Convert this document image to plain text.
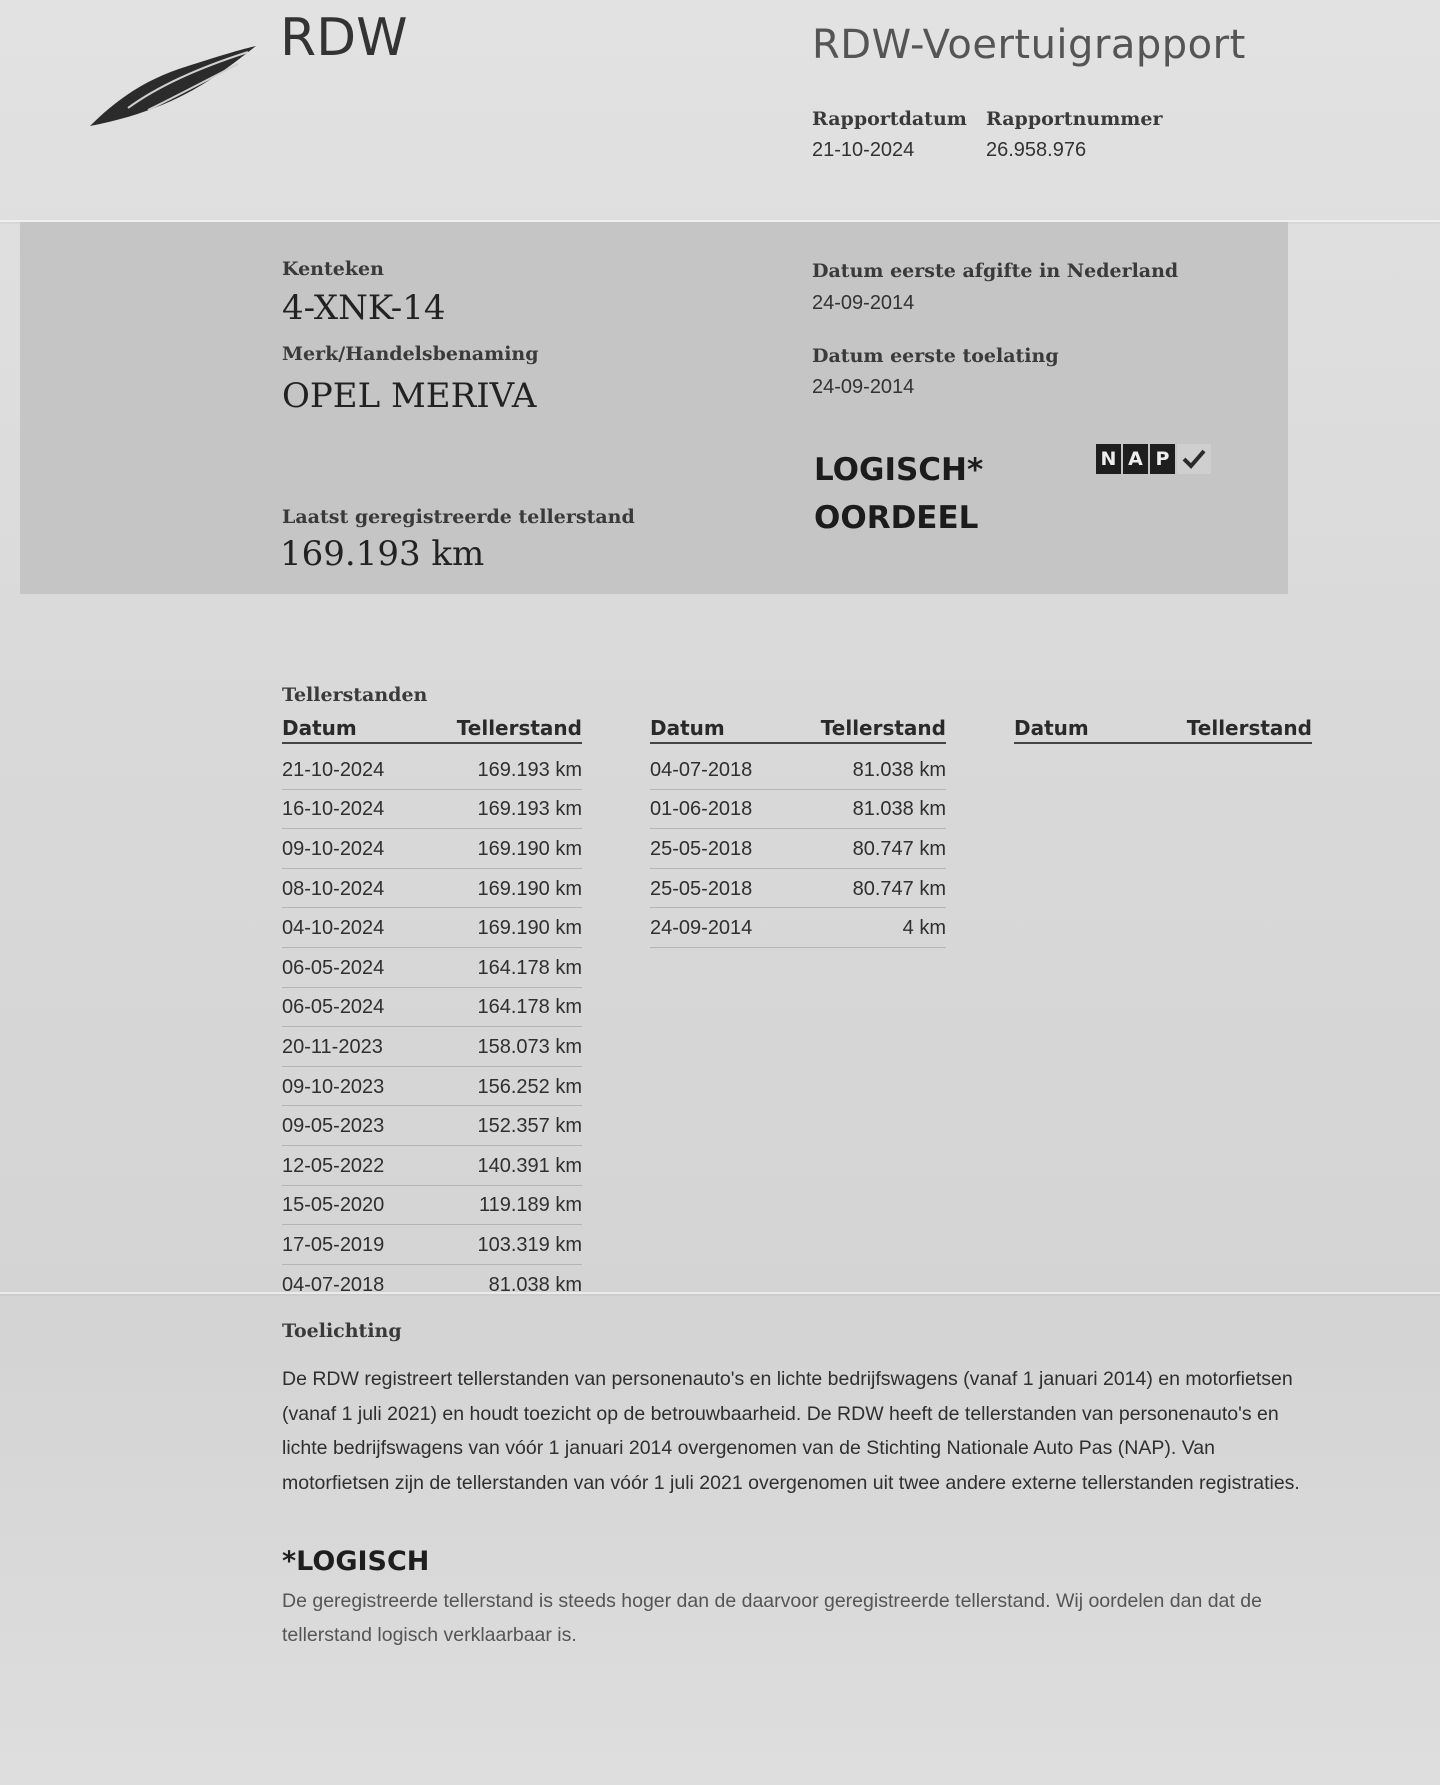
RDW	RDW-Voertuigrapport
Rapportdatum
21-10-2024
Rapportnummer
26.958.976
Kenteken
4-XNK-14
Merk/Handelsbenaming
OPEL MERIVA
Laatst geregistreerde tellerstand
169.193 km
Datum eerste afgifte in Nederland
24-09-2014
Datum eerste toelating
24-09-2014
LOGISCH*
OORDEEL
N A P
Tellerstanden
Datum	Tellerstand
21-10-2024	169.193 km
16-10-2024	169.193 km
09-10-2024	169.190 km
08-10-2024	169.190 km
04-10-2024	169.190 km
06-05-2024	164.178 km
06-05-2024	164.178 km
20-11-2023	158.073 km
09-10-2023	156.252 km
09-05-2023	152.357 km
12-05-2022	140.391 km
15-05-2020	119.189 km
17-05-2019	103.319 km
04-07-2018	81.038 km
Datum	Tellerstand
04-07-2018	81.038 km
01-06-2018	81.038 km
25-05-2018	80.747 km
25-05-2018	80.747 km
24-09-2014	4 km
Datum	Tellerstand
Toelichting
De RDW registreert tellerstanden van personenauto's en lichte bedrijfswagens (vanaf 1 januari 2014) en motorfietsen (vanaf 1 juli 2021) en houdt toezicht op de betrouwbaarheid. De RDW heeft de tellerstanden van personenauto's en lichte bedrijfswagens van vóór 1 januari 2014 overgenomen van de Stichting Nationale Auto Pas (NAP). Van motorfietsen zijn de tellerstanden van vóór 1 juli 2021 overgenomen uit twee andere externe tellerstanden registraties.
*LOGISCH
De geregistreerde tellerstand is steeds hoger dan de daarvoor geregistreerde tellerstand. Wij oordelen dan dat de tellerstand logisch verklaarbaar is.
